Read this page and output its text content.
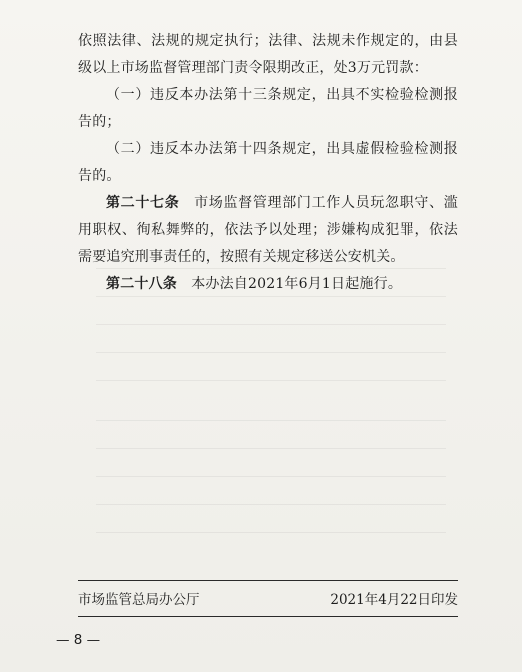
依照法律、法规的规定执行；法律、法规未作规定的，由县级以上市场监督管理部门责令限期改正，处3万元罚款：

（一）违反本办法第十三条规定，出具不实检验检测报告的；

（二）违反本办法第十四条规定，出具虚假检验检测报告的。

第二十七条　市场监督管理部门工作人员玩忽职守、滥用职权、徇私舞弊的，依法予以处理；涉嫌构成犯罪，依法需要追究刑事责任的，按照有关规定移送公安机关。

第二十八条　本办法自2021年6月1日起施行。

市场监管总局办公厅	2021年4月22日印发
— 8 —
